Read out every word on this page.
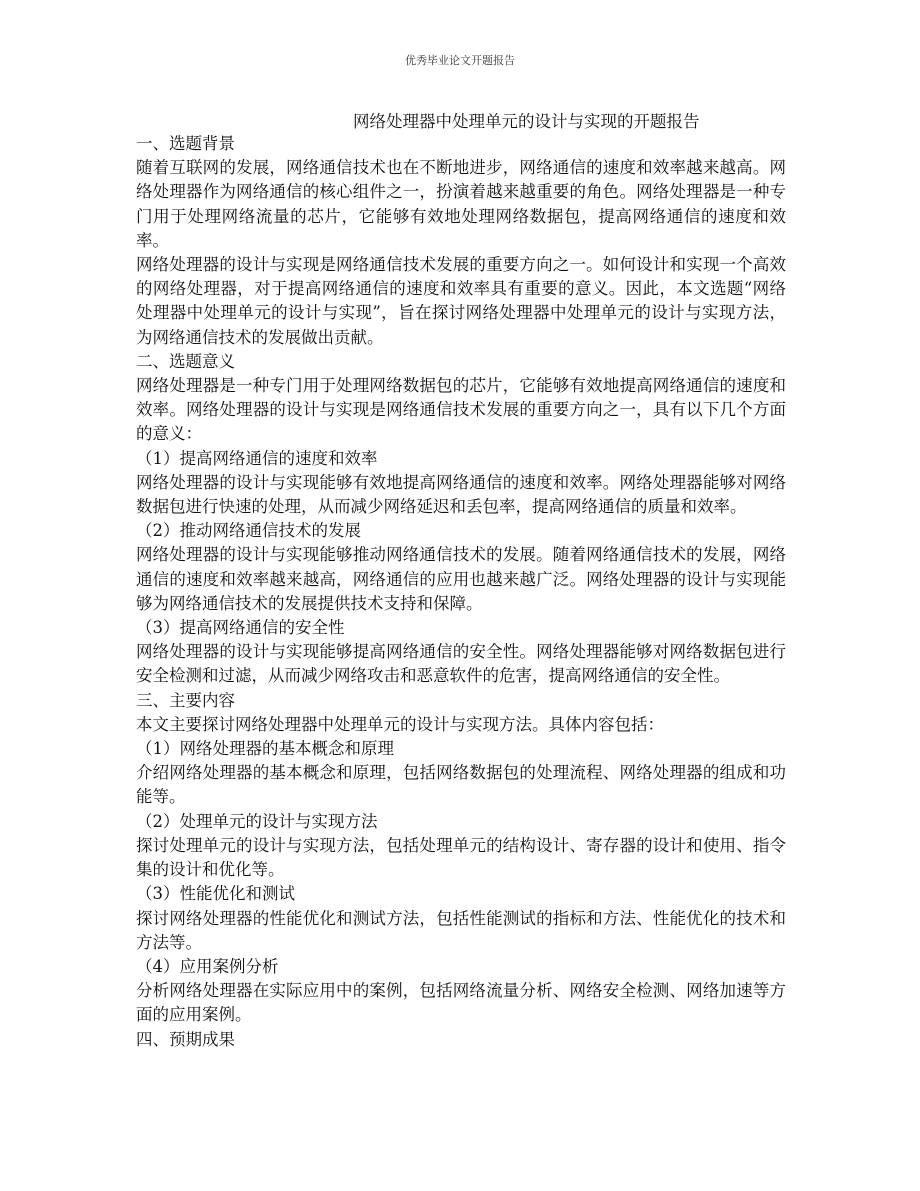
优秀毕业论文开题报告
网络处理器中处理单元的设计与实现的开题报告

一、选题背景

随着互联网的发展，网络通信技术也在不断地进步，网络通信的速度和效率越来越高。网络处理器作为网络通信的核心组件之一，扮演着越来越重要的角色。网络处理器是一种专门用于处理网络流量的芯片，它能够有效地处理网络数据包，提高网络通信的速度和效率。

网络处理器的设计与实现是网络通信技术发展的重要方向之一。如何设计和实现一个高效的网络处理器，对于提高网络通信的速度和效率具有重要的意义。因此，本文选题“网络处理器中处理单元的设计与实现”，旨在探讨网络处理器中处理单元的设计与实现方法，为网络通信技术的发展做出贡献。

二、选题意义

网络处理器是一种专门用于处理网络数据包的芯片，它能够有效地提高网络通信的速度和效率。网络处理器的设计与实现是网络通信技术发展的重要方向之一，具有以下几个方面的意义：

（1）提高网络通信的速度和效率

网络处理器的设计与实现能够有效地提高网络通信的速度和效率。网络处理器能够对网络数据包进行快速的处理，从而减少网络延迟和丢包率，提高网络通信的质量和效率。

（2）推动网络通信技术的发展

网络处理器的设计与实现能够推动网络通信技术的发展。随着网络通信技术的发展，网络通信的速度和效率越来越高，网络通信的应用也越来越广泛。网络处理器的设计与实现能够为网络通信技术的发展提供技术支持和保障。

（3）提高网络通信的安全性

网络处理器的设计与实现能够提高网络通信的安全性。网络处理器能够对网络数据包进行安全检测和过滤，从而减少网络攻击和恶意软件的危害，提高网络通信的安全性。

三、主要内容

本文主要探讨网络处理器中处理单元的设计与实现方法。具体内容包括：

（1）网络处理器的基本概念和原理

介绍网络处理器的基本概念和原理，包括网络数据包的处理流程、网络处理器的组成和功能等。

（2）处理单元的设计与实现方法

探讨处理单元的设计与实现方法，包括处理单元的结构设计、寄存器的设计和使用、指令集的设计和优化等。

（3）性能优化和测试

探讨网络处理器的性能优化和测试方法，包括性能测试的指标和方法、性能优化的技术和方法等。

（4）应用案例分析

分析网络处理器在实际应用中的案例，包括网络流量分析、网络安全检测、网络加速等方面的应用案例。

四、预期成果
